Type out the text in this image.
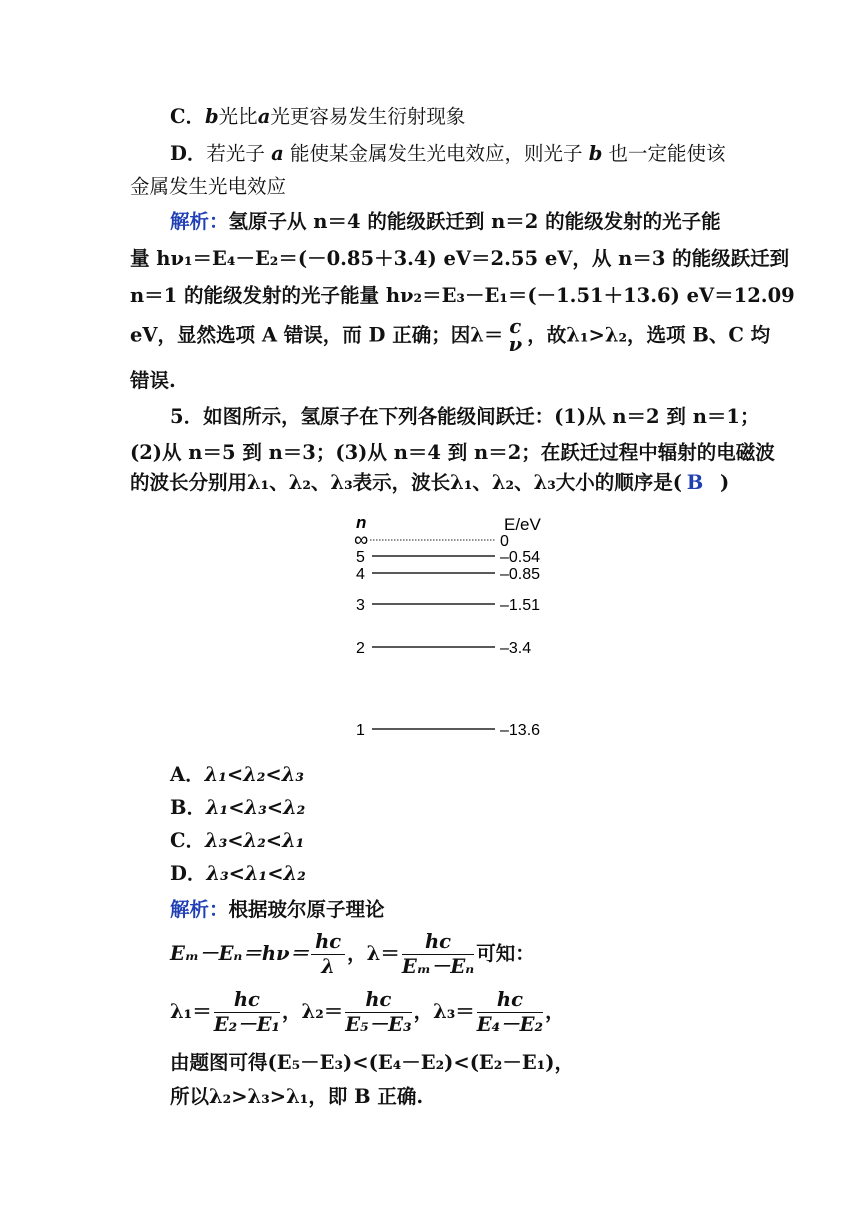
C．b光比a光更容易发生衍射现象
D．若光子 a 能使某金属发生光电效应，则光子 b 也一定能使该
金属发生光电效应
解析：氢原子从 n＝4 的能级跃迁到 n＝2 的能级发射的光子能
量 hν₁＝E₄－E₂＝(－0.85＋3.4) eV＝2.55 eV，从 n＝3 的能级跃迁到
n＝1 的能级发射的光子能量 hν₂＝E₃－E₁＝(－1.51＋13.6) eV＝12.09
eV，显然选项 A 错误，而 D 正确；因λ＝ c
ν ，故λ₁>λ₂，选项 B、C 均
错误.
5．如图所示，氢原子在下列各能级间跃迁：(1)从 n＝2 到 n＝1；
(2)从 n＝5 到 n＝3；(3)从 n＝4 到 n＝2；在跃迁过程中辐射的电磁波
的波长分别用λ₁、λ₂、λ₃表示，波长λ₁、λ₂、λ₃大小的顺序是( B )
n	E/eV
∞	0
5	–0.54
4	–0.85
3	–1.51
2	–3.4
1	–13.6
A．λ₁<λ₂<λ₃
B．λ₁<λ₃<λ₂
C．λ₃<λ₂<λ₁
D．λ₃<λ₁<λ₂
解析：根据玻尔原子理论
$E_m-E_n=h\nu= \frac{hc}{\lambda}$ ，$\lambda= \frac{hc}{\text{Eₘ－Eₙ}}$ 可知：
$\lambda_1= \frac{hc}{\text{E₂－E₁}}$ ，$\lambda_2= \frac{hc}{\text{E₅－E₃}}$ ，$\lambda_3= \frac{hc}{\text{E₄－E₂}}$ ，
由题图可得(E₅－E₃)<(E₄－E₂)<(E₂－E₁)，
所以λ₂>λ₃>λ₁，即 B 正确.
